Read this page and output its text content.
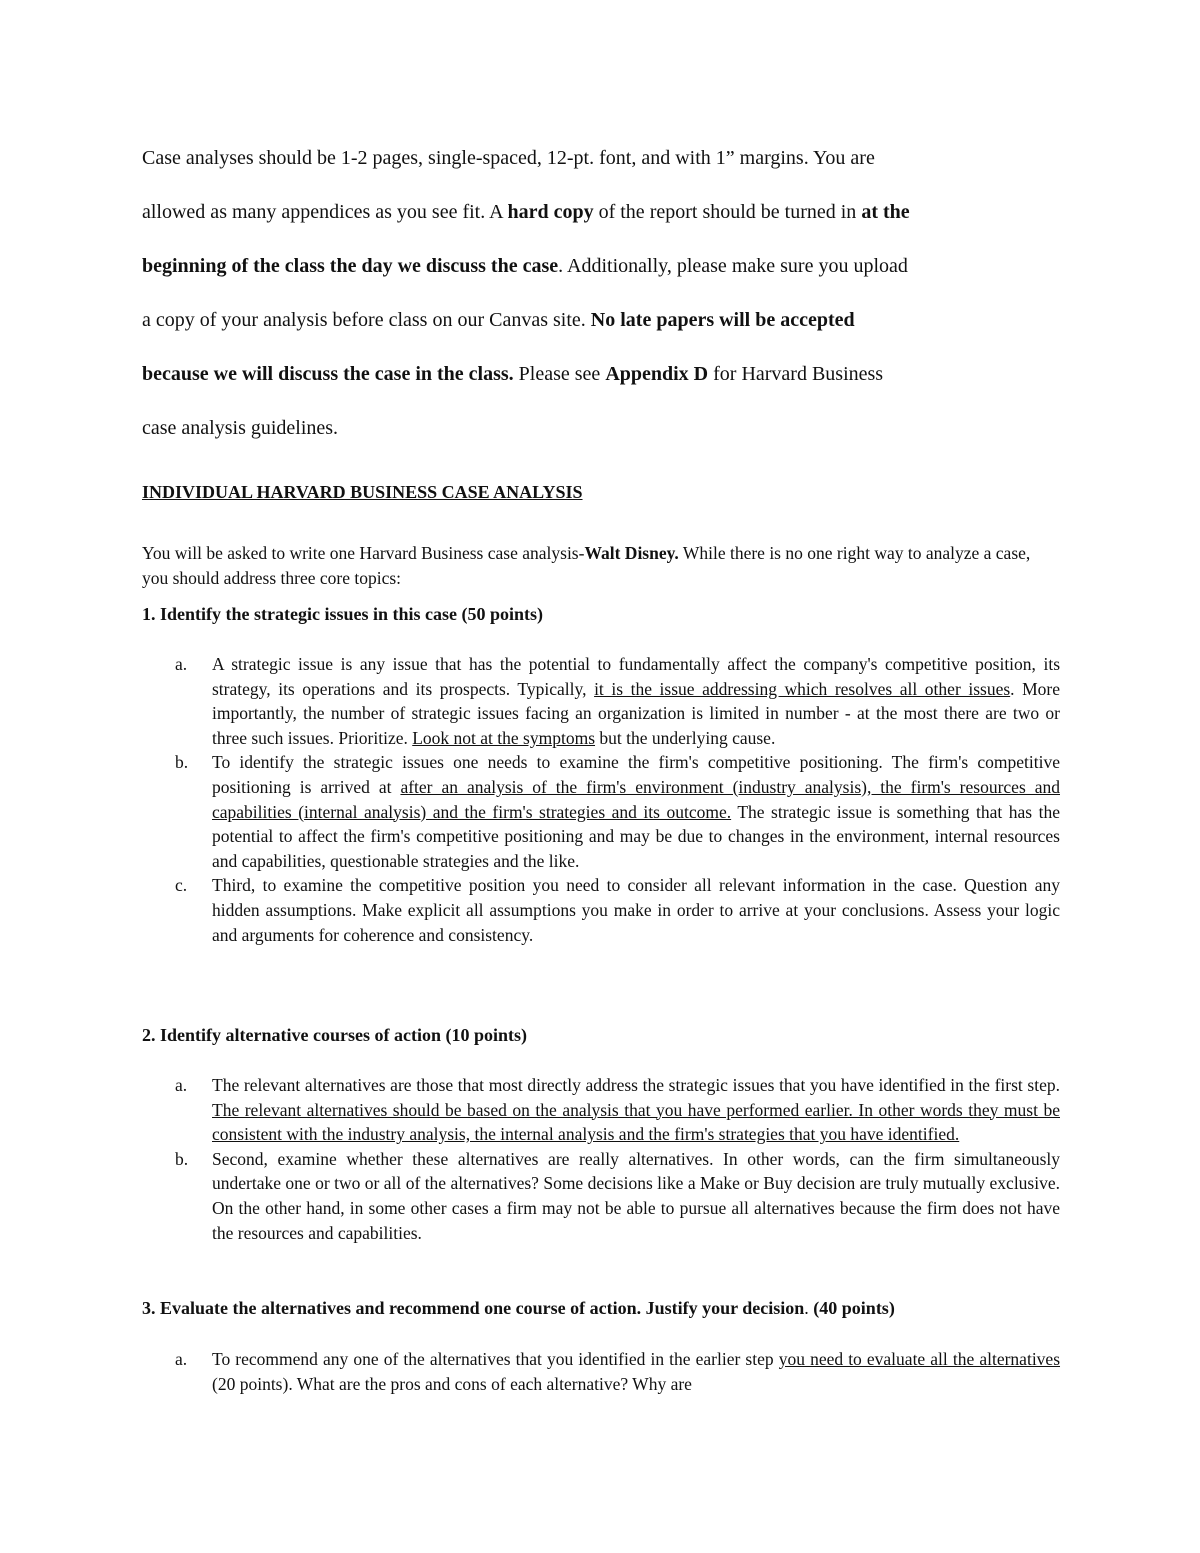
Case analyses should be 1-2 pages, single-spaced, 12-pt. font, and with 1” margins. You are
allowed as many appendices as you see fit. A hard copy of the report should be turned in at the
beginning of the class the day we discuss the case. Additionally, please make sure you upload
a copy of your analysis before class on our Canvas site. No late papers will be accepted
because we will discuss the case in the class. Please see Appendix D for Harvard Business
case analysis guidelines.
INDIVIDUAL HARVARD BUSINESS CASE ANALYSIS
You will be asked to write one Harvard Business case analysis-Walt Disney. While there is no one right way to analyze a case, you should address three core topics:
1. Identify the strategic issues in this case (50 points)
a. A strategic issue is any issue that has the potential to fundamentally affect the company's competitive position, its strategy, its operations and its prospects. Typically, it is the issue addressing which resolves all other issues. More importantly, the number of strategic issues facing an organization is limited in number - at the most there are two or three such issues. Prioritize. Look not at the symptoms but the underlying cause.
b. To identify the strategic issues one needs to examine the firm's competitive positioning. The firm's competitive positioning is arrived at after an analysis of the firm's environment (industry analysis), the firm's resources and capabilities (internal analysis) and the firm's strategies and its outcome. The strategic issue is something that has the potential to affect the firm's competitive positioning and may be due to changes in the environment, internal resources and capabilities, questionable strategies and the like.
c. Third, to examine the competitive position you need to consider all relevant information in the case. Question any hidden assumptions. Make explicit all assumptions you make in order to arrive at your conclusions. Assess your logic and arguments for coherence and consistency.
2. Identify alternative courses of action (10 points)
a. The relevant alternatives are those that most directly address the strategic issues that you have identified in the first step. The relevant alternatives should be based on the analysis that you have performed earlier. In other words they must be consistent with the industry analysis, the internal analysis and the firm's strategies that you have identified.
b. Second, examine whether these alternatives are really alternatives. In other words, can the firm simultaneously undertake one or two or all of the alternatives? Some decisions like a Make or Buy decision are truly mutually exclusive. On the other hand, in some other cases a firm may not be able to pursue all alternatives because the firm does not have the resources and capabilities.
3. Evaluate the alternatives and recommend one course of action. Justify your decision. (40 points)
a. To recommend any one of the alternatives that you identified in the earlier step you need to evaluate all the alternatives (20 points). What are the pros and cons of each alternative? Why are
